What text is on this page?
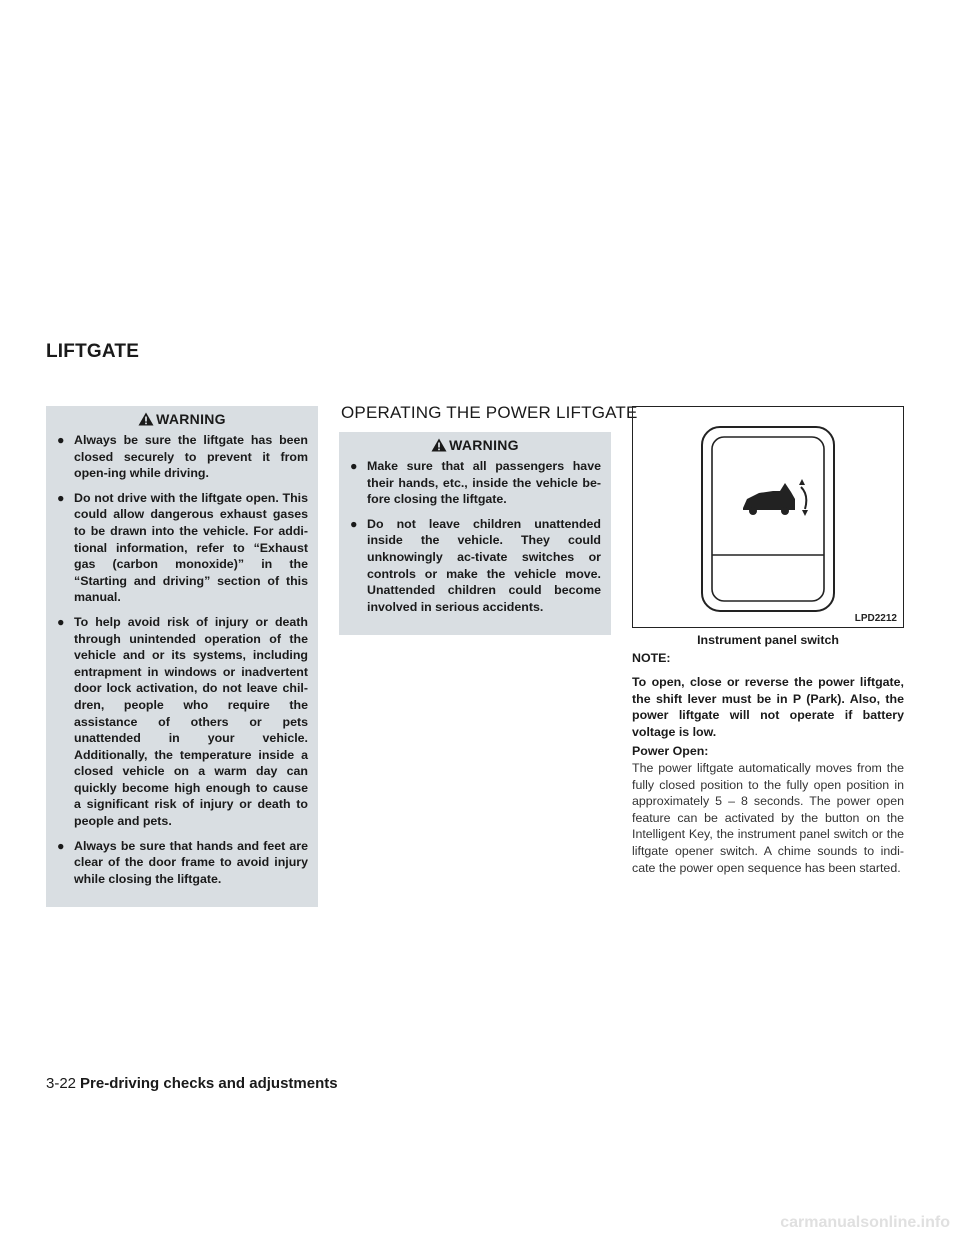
LIFTGATE
WARNING
● Always be sure the liftgate has been closed securely to prevent it from open-ing while driving.
● Do not drive with the liftgate open. This could allow dangerous exhaust gases to be drawn into the vehicle. For addi-tional information, refer to “Exhaust gas (carbon monoxide)” in the “Starting and driving” section of this manual.
● To help avoid risk of injury or death through unintended operation of the vehicle and or its systems, including entrapment in windows or inadvertent door lock activation, do not leave chil-dren, people who require the assistance of others or pets unattended in your vehicle. Additionally, the temperature inside a closed vehicle on a warm day can quickly become high enough to cause a significant risk of injury or death to people and pets.
● Always be sure that hands and feet are clear of the door frame to avoid injury while closing the liftgate.
OPERATING THE POWER LIFTGATE
WARNING
● Make sure that all passengers have their hands, etc., inside the vehicle be-fore closing the liftgate.
● Do not leave children unattended inside the vehicle. They could unknowingly ac-tivate switches or controls or make the vehicle move. Unattended children could become involved in serious accidents.
LPD2212
Instrument panel switch
NOTE:
To open, close or reverse the power liftgate, the shift lever must be in P (Park). Also, the power liftgate will not operate if battery voltage is low.
Power Open:
The power liftgate automatically moves from the fully closed position to the fully open position in approximately 5 – 8 seconds. The power open feature can be activated by the button on the Intelligent Key, the instrument panel switch or the liftgate opener switch. A chime sounds to indi-cate the power open sequence has been started.
3-22 Pre-driving checks and adjustments
carmanualsonline.info
